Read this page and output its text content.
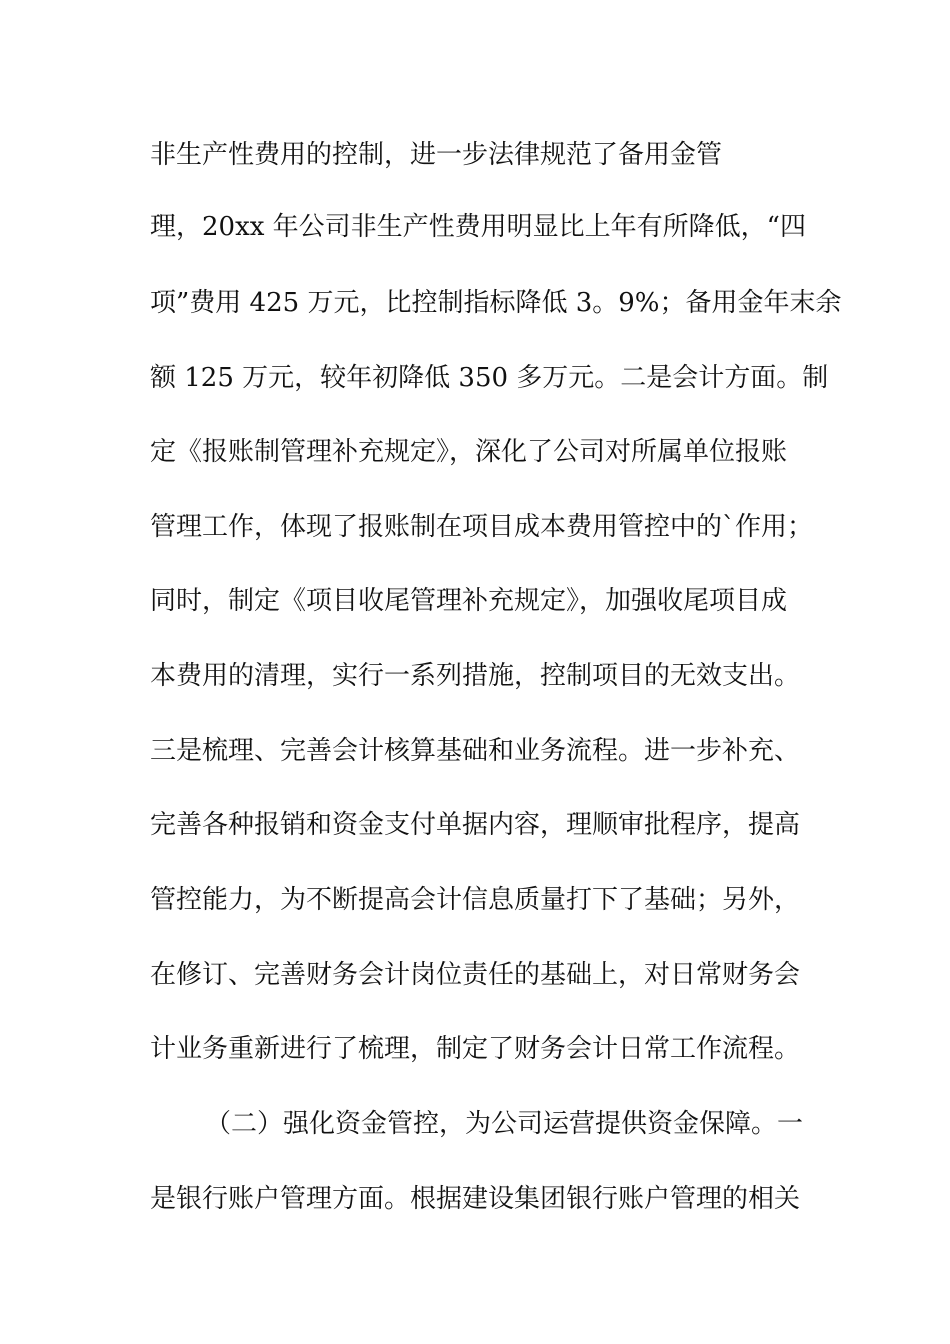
非生产性费用的控制，进一步法律规范了备用金管
理，20xx 年公司非生产性费用明显比上年有所降低，“四
项”费用 425 万元，比控制指标降低 3。9%；备用金年末余
额 125 万元，较年初降低 350 多万元。二是会计方面。制
定《报账制管理补充规定》，深化了公司对所属单位报账
管理工作，体现了报账制在项目成本费用管控中的`作用；
同时，制定《项目收尾管理补充规定》，加强收尾项目成
本费用的清理，实行一系列措施，控制项目的无效支出。
三是梳理、完善会计核算基础和业务流程。进一步补充、
完善各种报销和资金支付单据内容，理顺审批程序，提高
管控能力，为不断提高会计信息质量打下了基础；另外，
在修订、完善财务会计岗位责任的基础上，对日常财务会
计业务重新进行了梳理，制定了财务会计日常工作流程。
（二）强化资金管控，为公司运营提供资金保障。一
是银行账户管理方面。根据建设集团银行账户管理的相关
